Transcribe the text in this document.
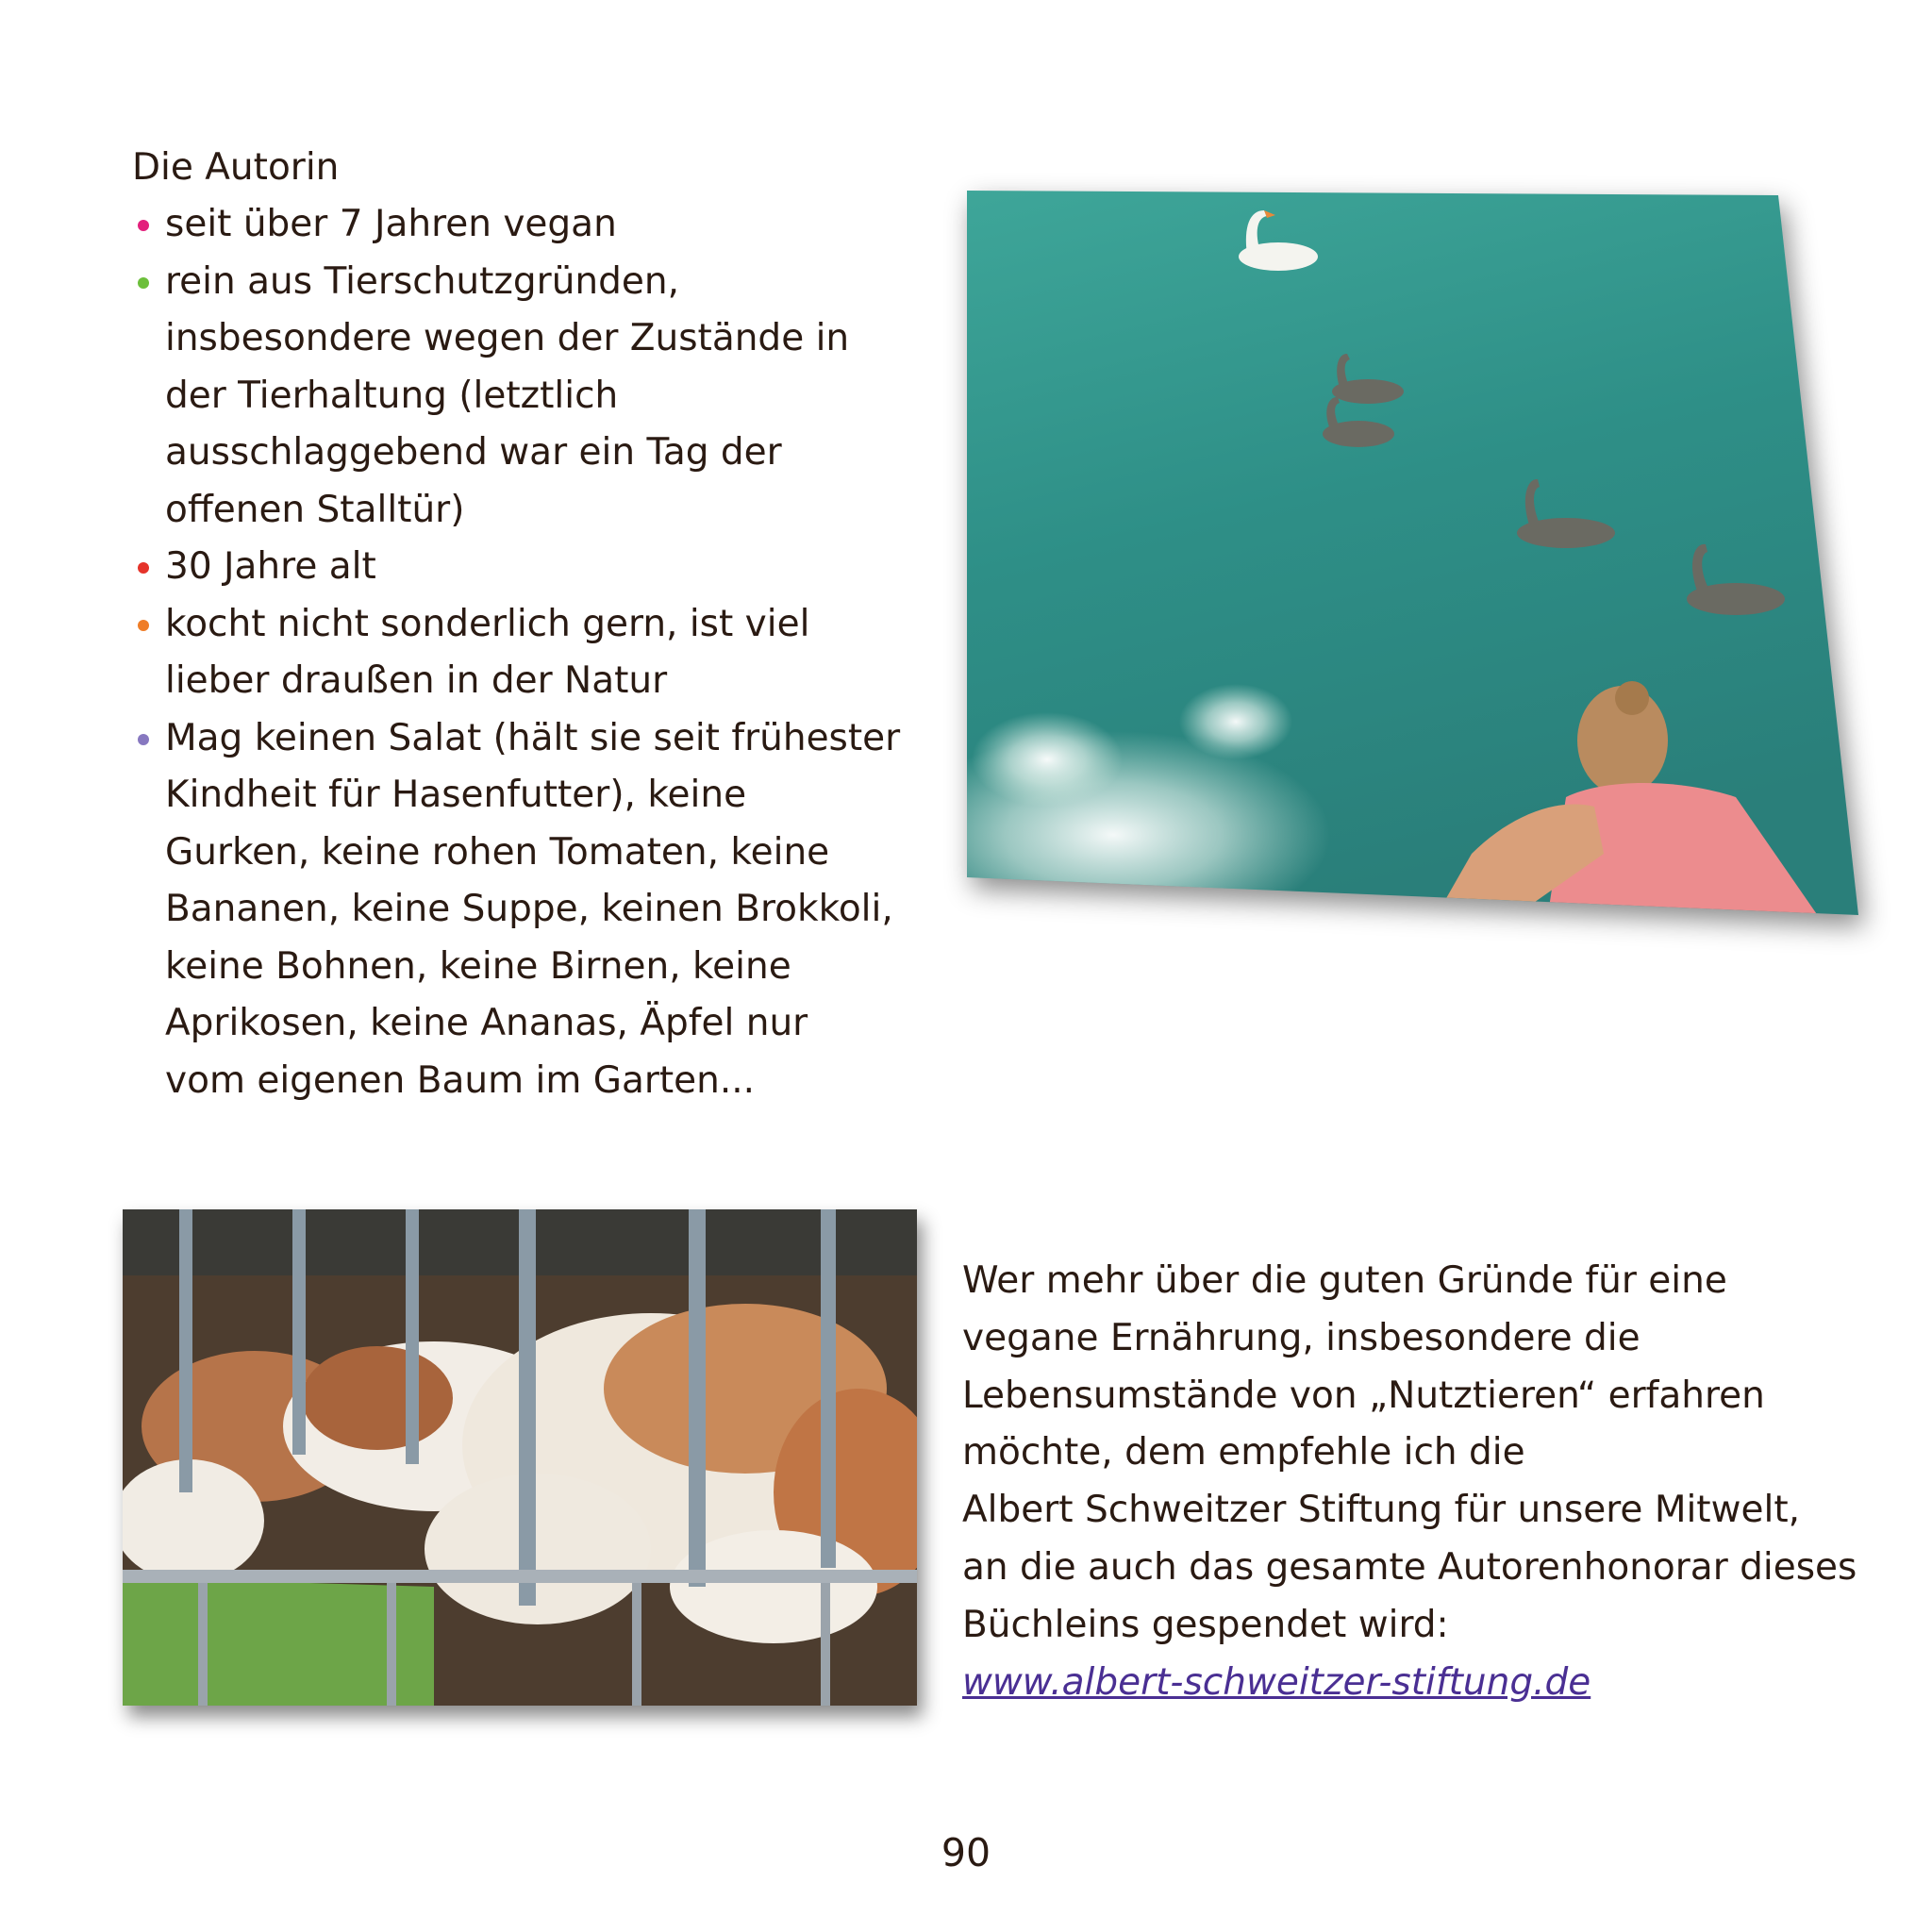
Die Autorin

seit über 7 Jahren vegan
rein aus Tierschutzgründen,
insbesondere wegen der Zustände in
der Tierhaltung (letztlich
ausschlaggebend war ein Tag der
offenen Stalltür)
30 Jahre alt
kocht nicht sonderlich gern, ist viel
lieber draußen in der Natur
Mag keinen Salat (hält sie seit frühester
Kindheit für Hasenfutter), keine
Gurken, keine rohen Tomaten, keine
Bananen, keine Suppe, keinen Brokkoli,
keine Bohnen, keine Birnen, keine
Aprikosen, keine Ananas, Äpfel nur
vom eigenen Baum im Garten...

Wer mehr über die guten Gründe für eine

vegane Ernährung, insbesondere die

Lebensumstände von „Nutztieren“ erfahren

möchte, dem empfehle ich die

Albert Schweitzer Stiftung für unsere Mitwelt,

an die auch das gesamte Autorenhonorar dieses

Büchleins gespendet wird:

www.albert-schweitzer-stiftung.de
90
